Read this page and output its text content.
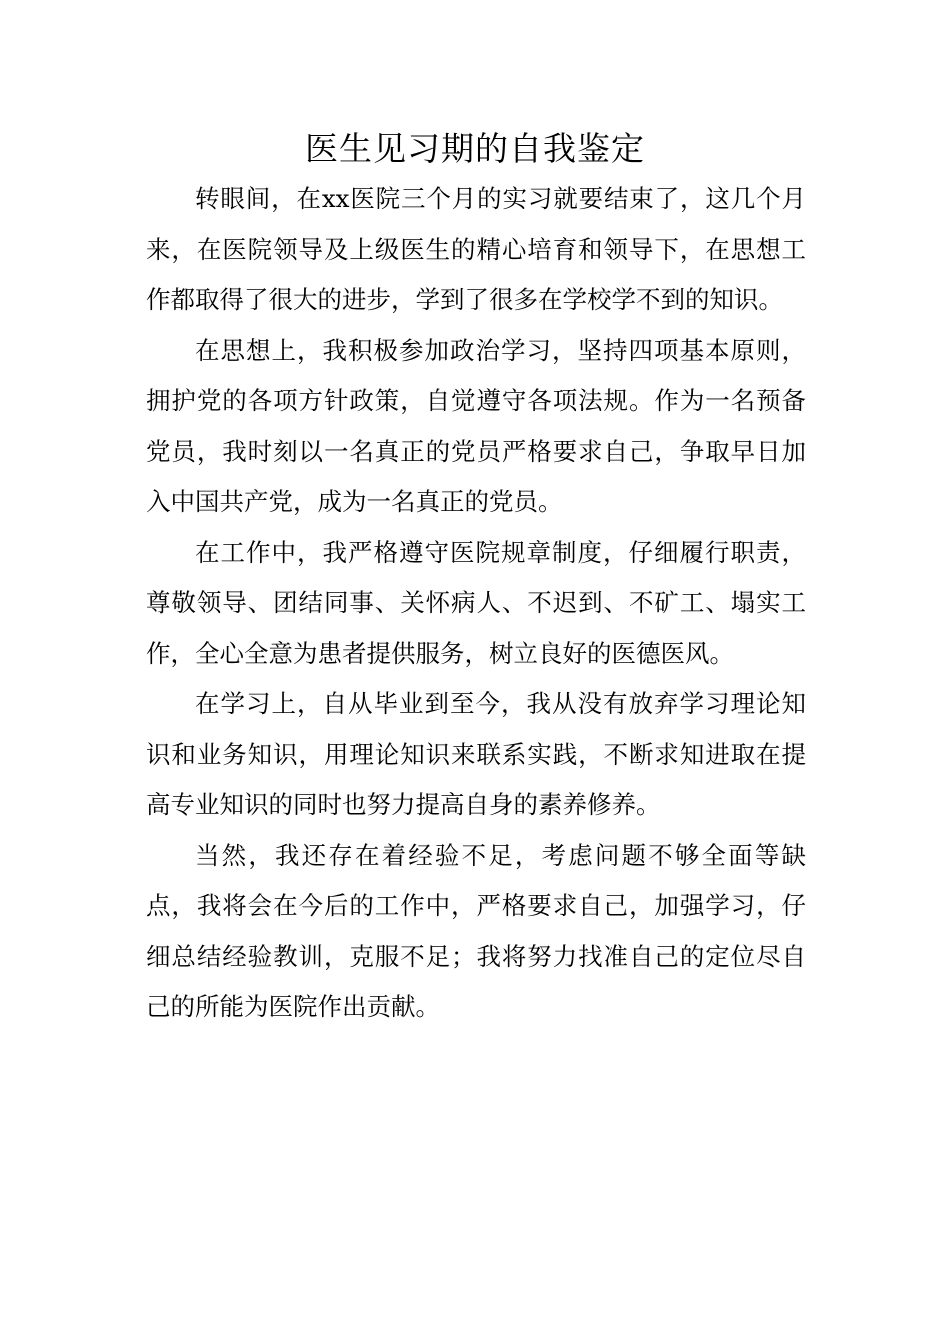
医生见习期的自我鉴定

转眼间，在xx医院三个月的实习就要结束了，这几个月来，在医院领导及上级医生的精心培育和领导下，在思想工作都取得了很大的进步，学到了很多在学校学不到的知识。

在思想上，我积极参加政治学习，坚持四项基本原则，拥护党的各项方针政策，自觉遵守各项法规。作为一名预备党员，我时刻以一名真正的党员严格要求自己，争取早日加入中国共产党，成为一名真正的党员。

在工作中，我严格遵守医院规章制度，仔细履行职责，尊敬领导、团结同事、关怀病人、不迟到、不矿工、塌实工作，全心全意为患者提供服务，树立良好的医德医风。

在学习上，自从毕业到至今，我从没有放弃学习理论知识和业务知识，用理论知识来联系实践，不断求知进取在提高专业知识的同时也努力提高自身的素养修养。

当然，我还存在着经验不足，考虑问题不够全面等缺点，我将会在今后的工作中，严格要求自己，加强学习，仔细总结经验教训，克服不足；我将努力找准自己的定位尽自己的所能为医院作出贡献。
